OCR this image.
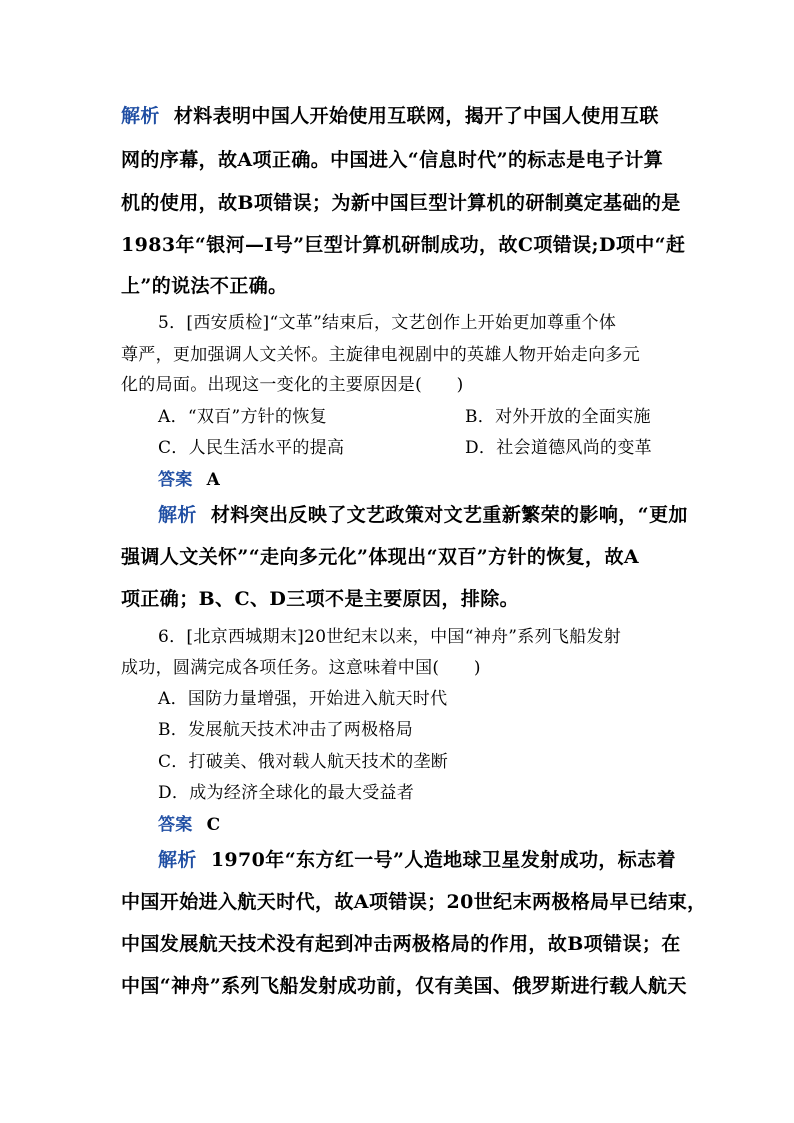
解析 材料表明中国人开始使用互联网，揭开了中国人使用互联
网的序幕，故A项正确。中国进入“信息时代”的标志是电子计算
机的使用，故B项错误；为新中国巨型计算机的研制奠定基础的是
1983年“银河—Ⅰ号”巨型计算机研制成功，故C项错误;D项中“赶
上”的说法不正确。
5．[西安质检]“文革”结束后，文艺创作上开始更加尊重个体
尊严，更加强调人文关怀。主旋律电视剧中的英雄人物开始走向多元
化的局面。出现这一变化的主要原因是(　　)
A．“双百”方针的恢复	B．对外开放的全面实施
C．人民生活水平的提高	D．社会道德风尚的变革
答案 A
解析 材料突出反映了文艺政策对文艺重新繁荣的影响，“更加
强调人文关怀”“走向多元化”体现出“双百”方针的恢复，故A
项正确；B、C、D三项不是主要原因，排除。
6．[北京西城期末]20世纪末以来，中国“神舟”系列飞船发射
成功，圆满完成各项任务。这意味着中国(　　)
A．国防力量增强，开始进入航天时代
B．发展航天技术冲击了两极格局
C．打破美、俄对载人航天技术的垄断
D．成为经济全球化的最大受益者
答案 C
解析 1970年“东方红一号”人造地球卫星发射成功，标志着
中国开始进入航天时代，故A项错误；20世纪末两极格局早已结束，
中国发展航天技术没有起到冲击两极格局的作用，故B项错误；在
中国“神舟”系列飞船发射成功前，仅有美国、俄罗斯进行载人航天
